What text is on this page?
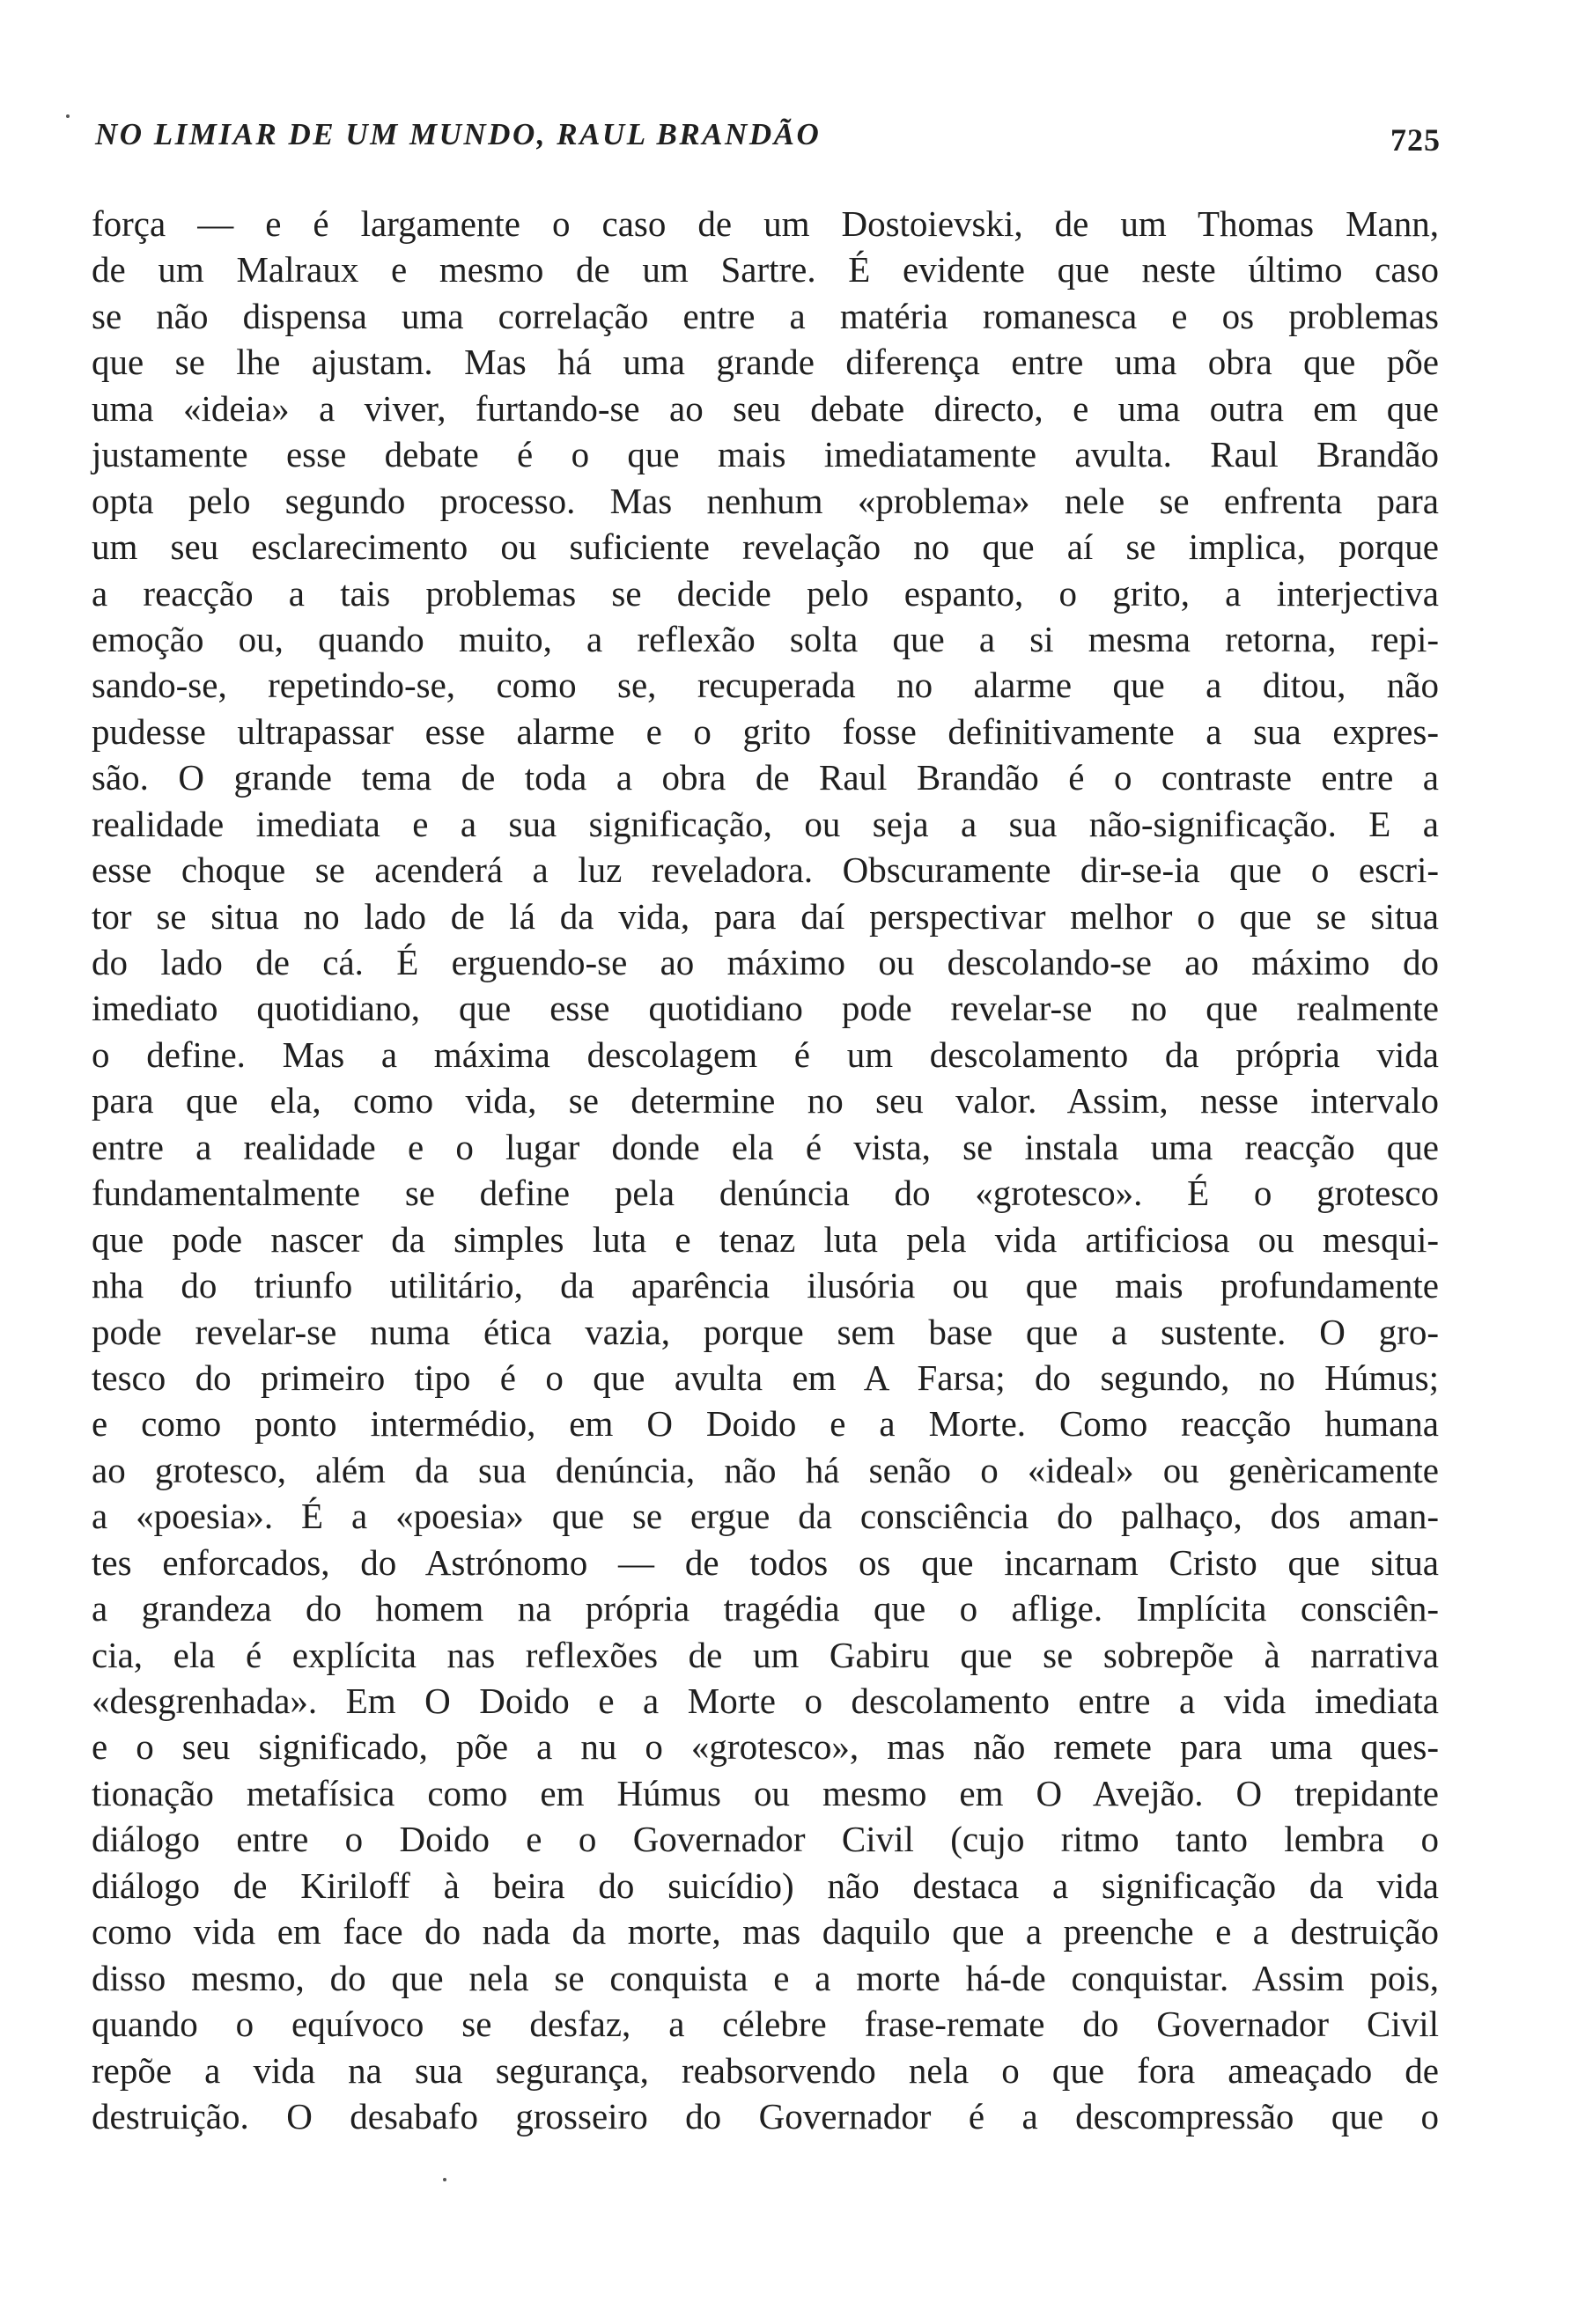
NO LIMIAR DE UM MUNDO, RAUL BRANDÃO	725
força — e é largamente o caso de um Dostoievski, de um Thomas Mann,
de um Malraux e mesmo de um Sartre. É evidente que neste último caso
se não dispensa uma correlação entre a matéria romanesca e os problemas
que se lhe ajustam. Mas há uma grande diferença entre uma obra que põe
uma «ideia» a viver, furtando-se ao seu debate directo, e uma outra em que
justamente esse debate é o que mais imediatamente avulta. Raul Brandão
opta pelo segundo processo. Mas nenhum «problema» nele se enfrenta para
um seu esclarecimento ou suficiente revelação no que aí se implica, porque
a reacção a tais problemas se decide pelo espanto, o grito, a interjectiva
emoção ou, quando muito, a reflexão solta que a si mesma retorna, repi-
sando-se, repetindo-se, como se, recuperada no alarme que a ditou, não
pudesse ultrapassar esse alarme e o grito fosse definitivamente a sua expres-
são. O grande tema de toda a obra de Raul Brandão é o contraste entre a
realidade imediata e a sua significação, ou seja a sua não-significação. E a
esse choque se acenderá a luz reveladora. Obscuramente dir-se-ia que o escri-
tor se situa no lado de lá da vida, para daí perspectivar melhor o que se situa
do lado de cá. É erguendo-se ao máximo ou descolando-se ao máximo do
imediato quotidiano, que esse quotidiano pode revelar-se no que realmente
o define. Mas a máxima descolagem é um descolamento da própria vida
para que ela, como vida, se determine no seu valor. Assim, nesse intervalo
entre a realidade e o lugar donde ela é vista, se instala uma reacção que
fundamentalmente se define pela denúncia do «grotesco». É o grotesco
que pode nascer da simples luta e tenaz luta pela vida artificiosa ou mesqui-
nha do triunfo utilitário, da aparência ilusória ou que mais profundamente
pode revelar-se numa ética vazia, porque sem base que a sustente. O gro-
tesco do primeiro tipo é o que avulta em A Farsa; do segundo, no Húmus;
e como ponto intermédio, em O Doido e a Morte. Como reacção humana
ao grotesco, além da sua denúncia, não há senão o «ideal» ou genèricamente
a «poesia». É a «poesia» que se ergue da consciência do palhaço, dos aman-
tes enforcados, do Astrónomo — de todos os que incarnam Cristo que situa
a grandeza do homem na própria tragédia que o aflige. Implícita consciên-
cia, ela é explícita nas reflexões de um Gabiru que se sobrepõe à narrativa
«desgrenhada». Em O Doido e a Morte o descolamento entre a vida imediata
e o seu significado, põe a nu o «grotesco», mas não remete para uma ques-
tionação metafísica como em Húmus ou mesmo em O Avejão. O trepidante
diálogo entre o Doido e o Governador Civil (cujo ritmo tanto lembra o
diálogo de Kiriloff à beira do suicídio) não destaca a significação da vida
como vida em face do nada da morte, mas daquilo que a preenche e a destruição
disso mesmo, do que nela se conquista e a morte há-de conquistar. Assim pois,
quando o equívoco se desfaz, a célebre frase-remate do Governador Civil
repõe a vida na sua segurança, reabsorvendo nela o que fora ameaçado de
destruição. O desabafo grosseiro do Governador é a descompressão que o
